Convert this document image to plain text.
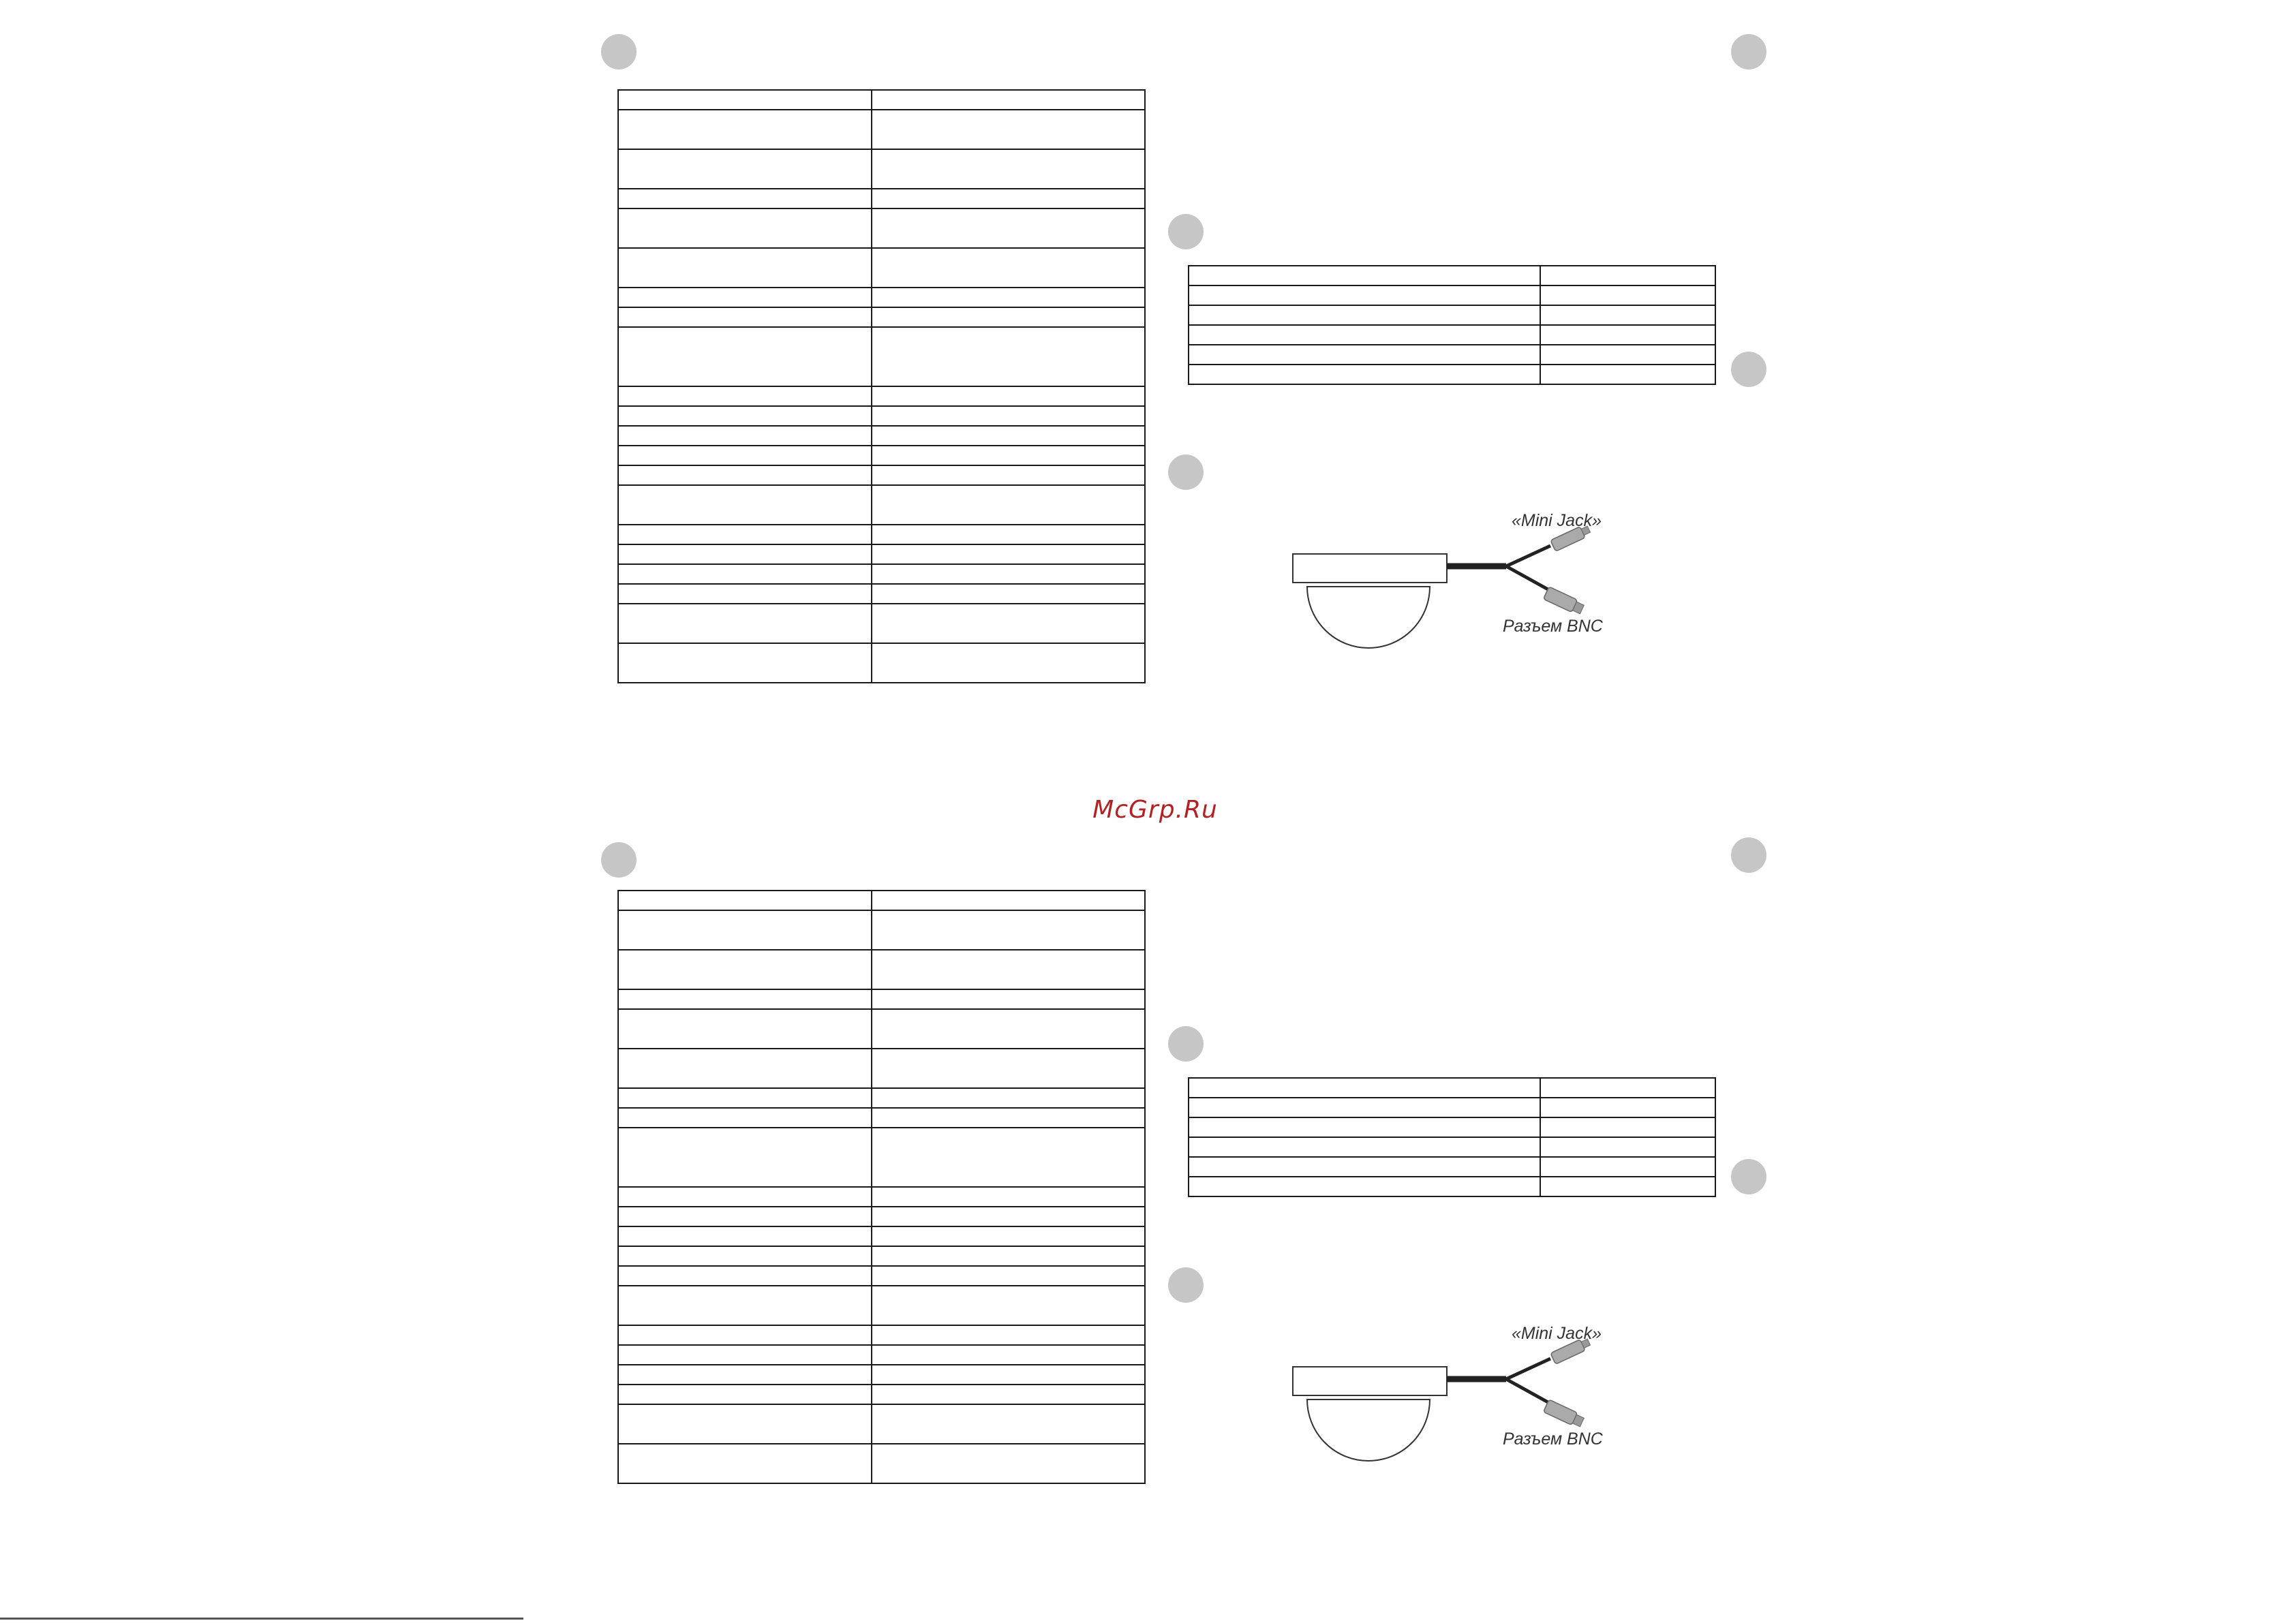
«Mini Jack»
Разъем BNC
McGrp.Ru

«Mini Jack»
Разъем BNC
